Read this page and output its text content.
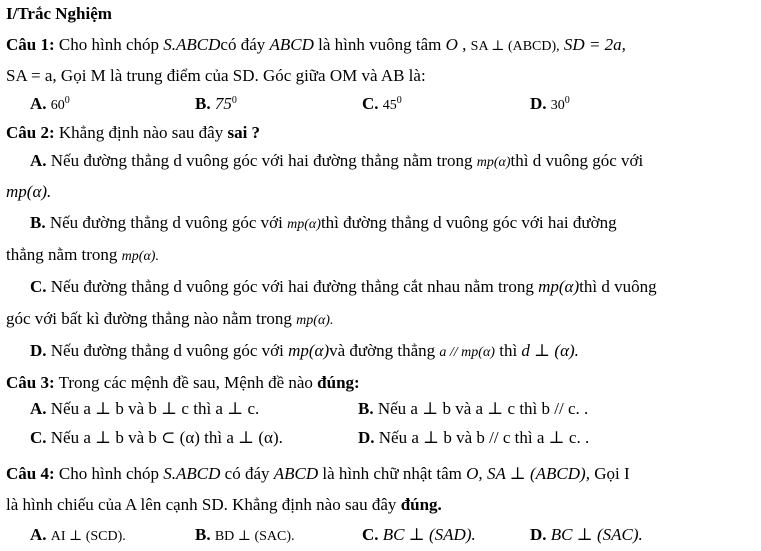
I/Trắc Nghiệm
Câu 1: Cho hình chóp S.ABCDcó đáy ABCD là hình vuông tâm O , SA ⊥ (ABCD), SD = 2a,
SA = a, Gọi M là trung điểm của SD. Góc giữa OM và AB là:
A. $60^0$	B. $75^0$	C. $45^0$	D. $30^0$
Câu 2: Khẳng định nào sau đây sai ?
A. Nếu đường thẳng d vuông góc với hai đường thẳng nằm trong mp(α)thì d vuông góc với
mp(α).
B. Nếu đường thẳng d vuông góc với mp(α)thì đường thẳng d vuông góc với hai đường
thẳng nằm trong mp(α).
C. Nếu đường thẳng d vuông góc với hai đường thẳng cắt nhau nằm trong mp(α)thì d vuông
góc với bất kì đường thẳng nào nằm trong mp(α).
D. Nếu đường thẳng d vuông góc với mp(α)và đường thẳng a // mp(α) thì d ⊥ (α).
Câu 3: Trong các mệnh đề sau, Mệnh đề nào đúng:
A. Nếu a ⊥ b và b ⊥ c thì a ⊥ c.	B. Nếu a ⊥ b và a ⊥ c thì b // c. .
C. Nếu a ⊥ b và b ⊂ (α) thì a ⊥ (α).	D. Nếu a ⊥ b và b // c thì a ⊥ c. .
Câu 4: Cho hình chóp S.ABCD có đáy ABCD là hình chữ nhật tâm O, SA ⊥ (ABCD), Gọi I
là hình chiếu của A lên cạnh SD. Khẳng định nào sau đây đúng.
A. AI ⊥ (SCD).	B. BD ⊥ (SAC).	C. BC ⊥ (SAD).	D. BC ⊥ (SAC).
